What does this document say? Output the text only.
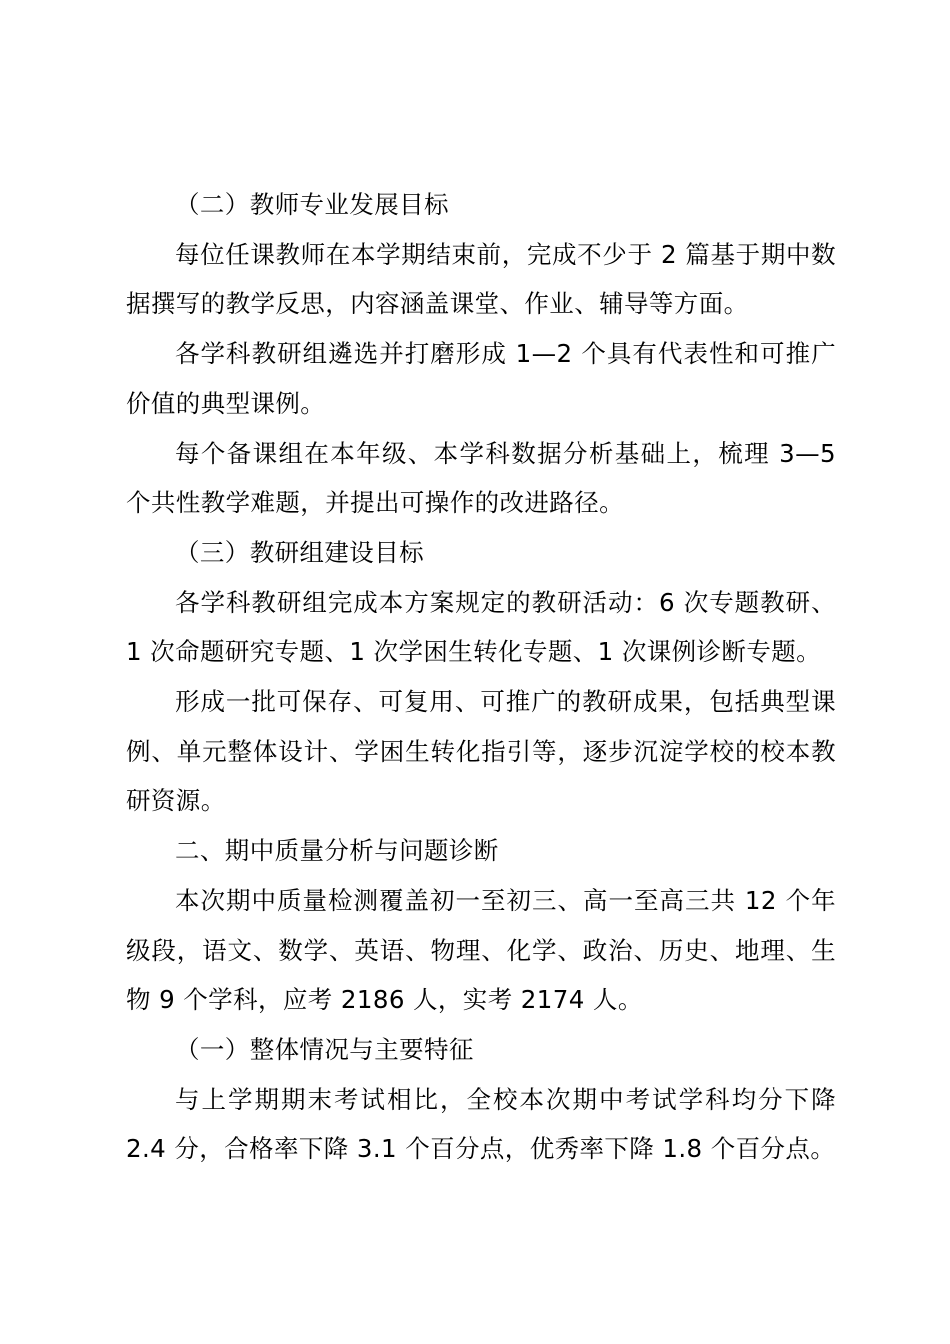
（二）教师专业发展目标

每位任课教师在本学期结束前，完成不少于 2 篇基于期中数据撰写的教学反思，内容涵盖课堂、作业、辅导等方面。

各学科教研组遴选并打磨形成 1—2 个具有代表性和可推广价值的典型课例。

每个备课组在本年级、本学科数据分析基础上，梳理 3—5 个共性教学难题，并提出可操作的改进路径。

（三）教研组建设目标

各学科教研组完成本方案规定的教研活动：6 次专题教研、1 次命题研究专题、1 次学困生转化专题、1 次课例诊断专题。

形成一批可保存、可复用、可推广的教研成果，包括典型课例、单元整体设计、学困生转化指引等，逐步沉淀学校的校本教研资源。

二、期中质量分析与问题诊断

本次期中质量检测覆盖初一至初三、高一至高三共 12 个年级段，语文、数学、英语、物理、化学、政治、历史、地理、生物 9 个学科，应考 2186 人，实考 2174 人。

（一）整体情况与主要特征

与上学期期末考试相比，全校本次期中考试学科均分下降 2.4 分，合格率下降 3.1 个百分点，优秀率下降 1.8 个百分点。
